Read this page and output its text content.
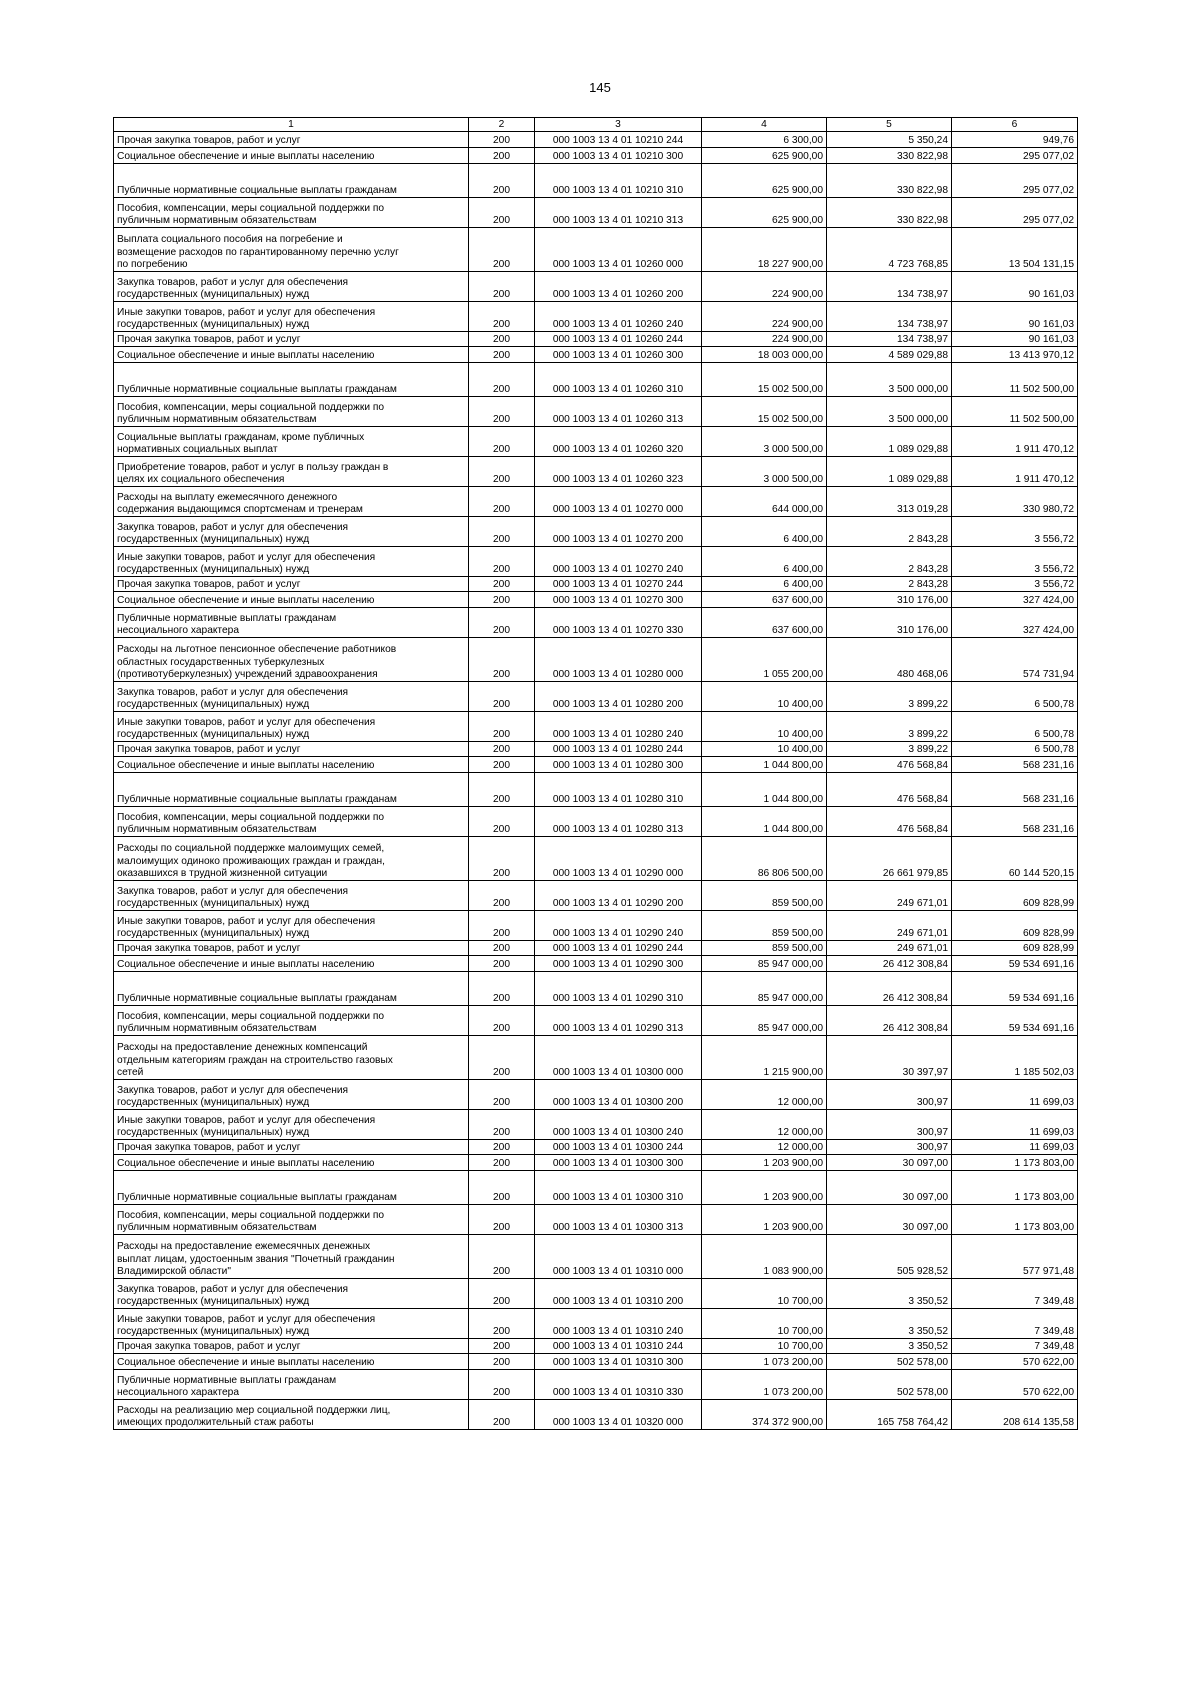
145
1	2	3	4	5	6
Прочая закупка товаров, работ и услуг	200	000 1003 13 4 01 10210 244	6 300,00	5 350,24	949,76
Социальное обеспечение и иные выплаты населению	200	000 1003 13 4 01 10210 300	625 900,00	330 822,98	295 077,02
Публичные нормативные социальные выплаты гражданам	200	000 1003 13 4 01 10210 310	625 900,00	330 822,98	295 077,02
Пособия, компенсации, меры социальной поддержки по
публичным нормативным обязательствам	200	000 1003 13 4 01 10210 313	625 900,00	330 822,98	295 077,02
Выплата социального пособия на погребение и
возмещение расходов по гарантированному перечню услуг
по погребению	200	000 1003 13 4 01 10260 000	18 227 900,00	4 723 768,85	13 504 131,15
Закупка товаров, работ и услуг для обеспечения
государственных (муниципальных) нужд	200	000 1003 13 4 01 10260 200	224 900,00	134 738,97	90 161,03
Иные закупки товаров, работ и услуг для обеспечения
государственных (муниципальных) нужд	200	000 1003 13 4 01 10260 240	224 900,00	134 738,97	90 161,03
Прочая закупка товаров, работ и услуг	200	000 1003 13 4 01 10260 244	224 900,00	134 738,97	90 161,03
Социальное обеспечение и иные выплаты населению	200	000 1003 13 4 01 10260 300	18 003 000,00	4 589 029,88	13 413 970,12
Публичные нормативные социальные выплаты гражданам	200	000 1003 13 4 01 10260 310	15 002 500,00	3 500 000,00	11 502 500,00
Пособия, компенсации, меры социальной поддержки по
публичным нормативным обязательствам	200	000 1003 13 4 01 10260 313	15 002 500,00	3 500 000,00	11 502 500,00
Социальные выплаты гражданам, кроме публичных
нормативных социальных выплат	200	000 1003 13 4 01 10260 320	3 000 500,00	1 089 029,88	1 911 470,12
Приобретение товаров, работ и услуг в пользу граждан в
целях их социального обеспечения	200	000 1003 13 4 01 10260 323	3 000 500,00	1 089 029,88	1 911 470,12
Расходы на выплату ежемесячного денежного
содержания выдающимся спортсменам и тренерам	200	000 1003 13 4 01 10270 000	644 000,00	313 019,28	330 980,72
Закупка товаров, работ и услуг для обеспечения
государственных (муниципальных) нужд	200	000 1003 13 4 01 10270 200	6 400,00	2 843,28	3 556,72
Иные закупки товаров, работ и услуг для обеспечения
государственных (муниципальных) нужд	200	000 1003 13 4 01 10270 240	6 400,00	2 843,28	3 556,72
Прочая закупка товаров, работ и услуг	200	000 1003 13 4 01 10270 244	6 400,00	2 843,28	3 556,72
Социальное обеспечение и иные выплаты населению	200	000 1003 13 4 01 10270 300	637 600,00	310 176,00	327 424,00
Публичные нормативные выплаты гражданам
несоциального характера	200	000 1003 13 4 01 10270 330	637 600,00	310 176,00	327 424,00
Расходы на льготное пенсионное обеспечение работников
областных государственных туберкулезных
(противотуберкулезных) учреждений здравоохранения	200	000 1003 13 4 01 10280 000	1 055 200,00	480 468,06	574 731,94
Закупка товаров, работ и услуг для обеспечения
государственных (муниципальных) нужд	200	000 1003 13 4 01 10280 200	10 400,00	3 899,22	6 500,78
Иные закупки товаров, работ и услуг для обеспечения
государственных (муниципальных) нужд	200	000 1003 13 4 01 10280 240	10 400,00	3 899,22	6 500,78
Прочая закупка товаров, работ и услуг	200	000 1003 13 4 01 10280 244	10 400,00	3 899,22	6 500,78
Социальное обеспечение и иные выплаты населению	200	000 1003 13 4 01 10280 300	1 044 800,00	476 568,84	568 231,16
Публичные нормативные социальные выплаты гражданам	200	000 1003 13 4 01 10280 310	1 044 800,00	476 568,84	568 231,16
Пособия, компенсации, меры социальной поддержки по
публичным нормативным обязательствам	200	000 1003 13 4 01 10280 313	1 044 800,00	476 568,84	568 231,16
Расходы по социальной поддержке малоимущих семей,
малоимущих одиноко проживающих граждан и граждан,
оказавшихся в трудной жизненной ситуации	200	000 1003 13 4 01 10290 000	86 806 500,00	26 661 979,85	60 144 520,15
Закупка товаров, работ и услуг для обеспечения
государственных (муниципальных) нужд	200	000 1003 13 4 01 10290 200	859 500,00	249 671,01	609 828,99
Иные закупки товаров, работ и услуг для обеспечения
государственных (муниципальных) нужд	200	000 1003 13 4 01 10290 240	859 500,00	249 671,01	609 828,99
Прочая закупка товаров, работ и услуг	200	000 1003 13 4 01 10290 244	859 500,00	249 671,01	609 828,99
Социальное обеспечение и иные выплаты населению	200	000 1003 13 4 01 10290 300	85 947 000,00	26 412 308,84	59 534 691,16
Публичные нормативные социальные выплаты гражданам	200	000 1003 13 4 01 10290 310	85 947 000,00	26 412 308,84	59 534 691,16
Пособия, компенсации, меры социальной поддержки по
публичным нормативным обязательствам	200	000 1003 13 4 01 10290 313	85 947 000,00	26 412 308,84	59 534 691,16
Расходы на предоставление денежных компенсаций
отдельным категориям граждан на строительство газовых
сетей	200	000 1003 13 4 01 10300 000	1 215 900,00	30 397,97	1 185 502,03
Закупка товаров, работ и услуг для обеспечения
государственных (муниципальных) нужд	200	000 1003 13 4 01 10300 200	12 000,00	300,97	11 699,03
Иные закупки товаров, работ и услуг для обеспечения
государственных (муниципальных) нужд	200	000 1003 13 4 01 10300 240	12 000,00	300,97	11 699,03
Прочая закупка товаров, работ и услуг	200	000 1003 13 4 01 10300 244	12 000,00	300,97	11 699,03
Социальное обеспечение и иные выплаты населению	200	000 1003 13 4 01 10300 300	1 203 900,00	30 097,00	1 173 803,00
Публичные нормативные социальные выплаты гражданам	200	000 1003 13 4 01 10300 310	1 203 900,00	30 097,00	1 173 803,00
Пособия, компенсации, меры социальной поддержки по
публичным нормативным обязательствам	200	000 1003 13 4 01 10300 313	1 203 900,00	30 097,00	1 173 803,00
Расходы на предоставление ежемесячных денежных
выплат лицам, удостоенным звания "Почетный гражданин
Владимирской области"	200	000 1003 13 4 01 10310 000	1 083 900,00	505 928,52	577 971,48
Закупка товаров, работ и услуг для обеспечения
государственных (муниципальных) нужд	200	000 1003 13 4 01 10310 200	10 700,00	3 350,52	7 349,48
Иные закупки товаров, работ и услуг для обеспечения
государственных (муниципальных) нужд	200	000 1003 13 4 01 10310 240	10 700,00	3 350,52	7 349,48
Прочая закупка товаров, работ и услуг	200	000 1003 13 4 01 10310 244	10 700,00	3 350,52	7 349,48
Социальное обеспечение и иные выплаты населению	200	000 1003 13 4 01 10310 300	1 073 200,00	502 578,00	570 622,00
Публичные нормативные выплаты гражданам
несоциального характера	200	000 1003 13 4 01 10310 330	1 073 200,00	502 578,00	570 622,00
Расходы на реализацию мер социальной поддержки лиц,
имеющих продолжительный стаж работы	200	000 1003 13 4 01 10320 000	374 372 900,00	165 758 764,42	208 614 135,58
